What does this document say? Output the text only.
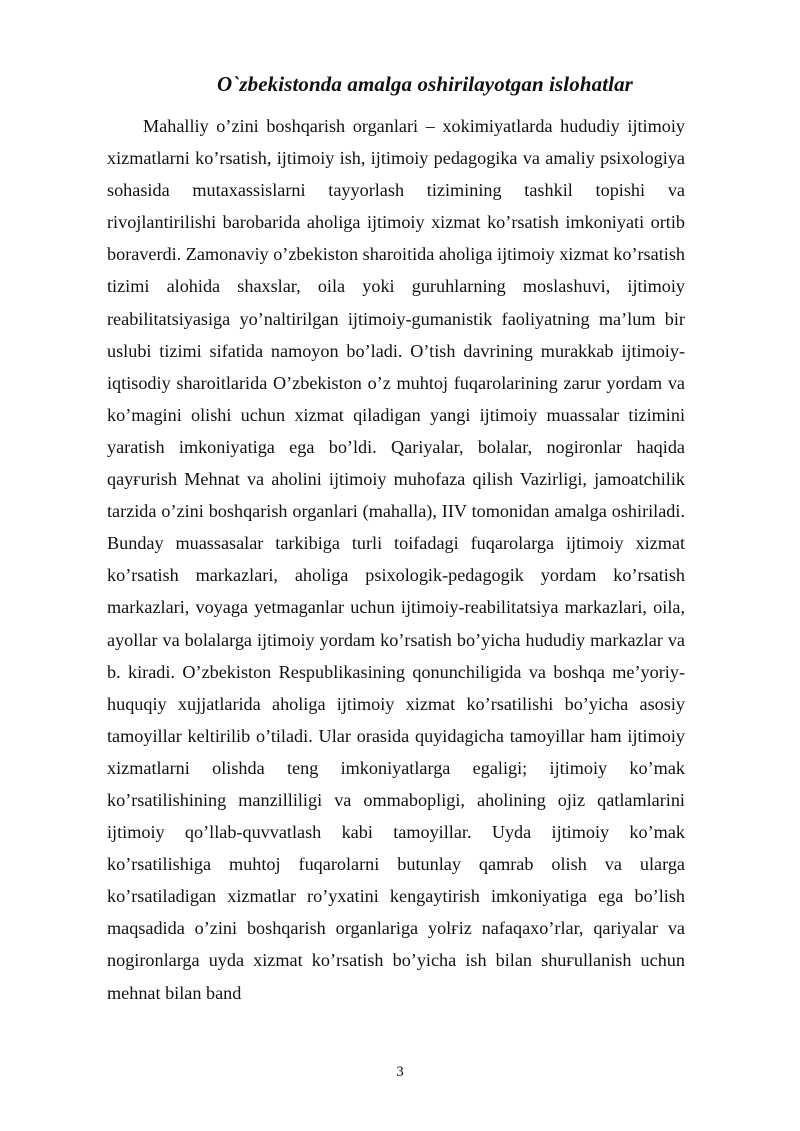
O`zbekistonda amalga oshirilayotgan islohatlar

Mahalliy o’zini boshqarish organlari – xokimiyatlarda hududiy ijtimoiy xizmatlarni ko’rsatish, ijtimoiy ish, ijtimoiy pedagogika va amaliy psixologiya sohasida mutaxassislarni tayyorlash tizimining tashkil topishi va rivojlantirilishi barobarida aholiga ijtimoiy xizmat ko’rsatish imkoniyati ortib boraverdi. Zamonaviy o’zbekiston sharoitida aholiga ijtimoiy xizmat ko’rsatish tizimi alohida shaxslar, oila yoki guruhlarning moslashuvi, ijtimoiy reabilitatsiyasiga yo’naltirilgan ijtimoiy-gumanistik faoliyatning ma’lum bir uslubi tizimi sifatida namoyon bo’ladi. O’tish davrining murakkab ijtimoiy-iqtisodiy sharoitlarida O’zbekiston o’z muhtoj fuqarolarining zarur yordam va ko’magini olishi uchun xizmat qiladigan yangi ijtimoiy muassalar tizimini yaratish imkoniyatiga ega bo’ldi. Qariyalar, bolalar, nogironlar haqida qayғurish Mehnat va aholini ijtimoiy muhofaza qilish Vazirligi, jamoatchilik tarzida o’zini boshqarish organlari (mahalla), IIV tomonidan amalga oshiriladi. Bunday muassasalar tarkibiga turli toifadagi fuqarolarga ijtimoiy xizmat ko’rsatish markazlari, aholiga psixologik-pedagogik yordam ko’rsatish markazlari, voyaga yetmaganlar uchun ijtimoiy-reabilitatsiya markazlari, oila, ayollar va bolalarga ijtimoiy yordam ko’rsatish bo’yicha hududiy markazlar va b. kiradi. O’zbekiston Respublikasining qonunchiligida va boshqa me’yoriy-huquqiy xujjatlarida aholiga ijtimoiy xizmat ko’rsatilishi bo’yicha asosiy tamoyillar keltirilib o’tiladi. Ular orasida quyidagicha tamoyillar ham ijtimoiy xizmatlarni olishda teng imkoniyatlarga egaligi; ijtimoiy ko’mak ko’rsatilishining manzilliligi va ommabopligi, aholining ojiz qatlamlarini ijtimoiy qo’llab-quvvatlash kabi tamoyillar. Uyda ijtimoiy ko’mak ko’rsatilishiga muhtoj fuqarolarni butunlay qamrab olish va ularga ko’rsatiladigan xizmatlar ro’yxatini kengaytirish imkoniyatiga ega bo’lish maqsadida o’zini boshqarish organlariga yolғiz nafaqaxo’rlar, qariyalar va nogironlarga uyda xizmat ko’rsatish bo’yicha ish bilan shuғullanish uchun mehnat bilan band

3
